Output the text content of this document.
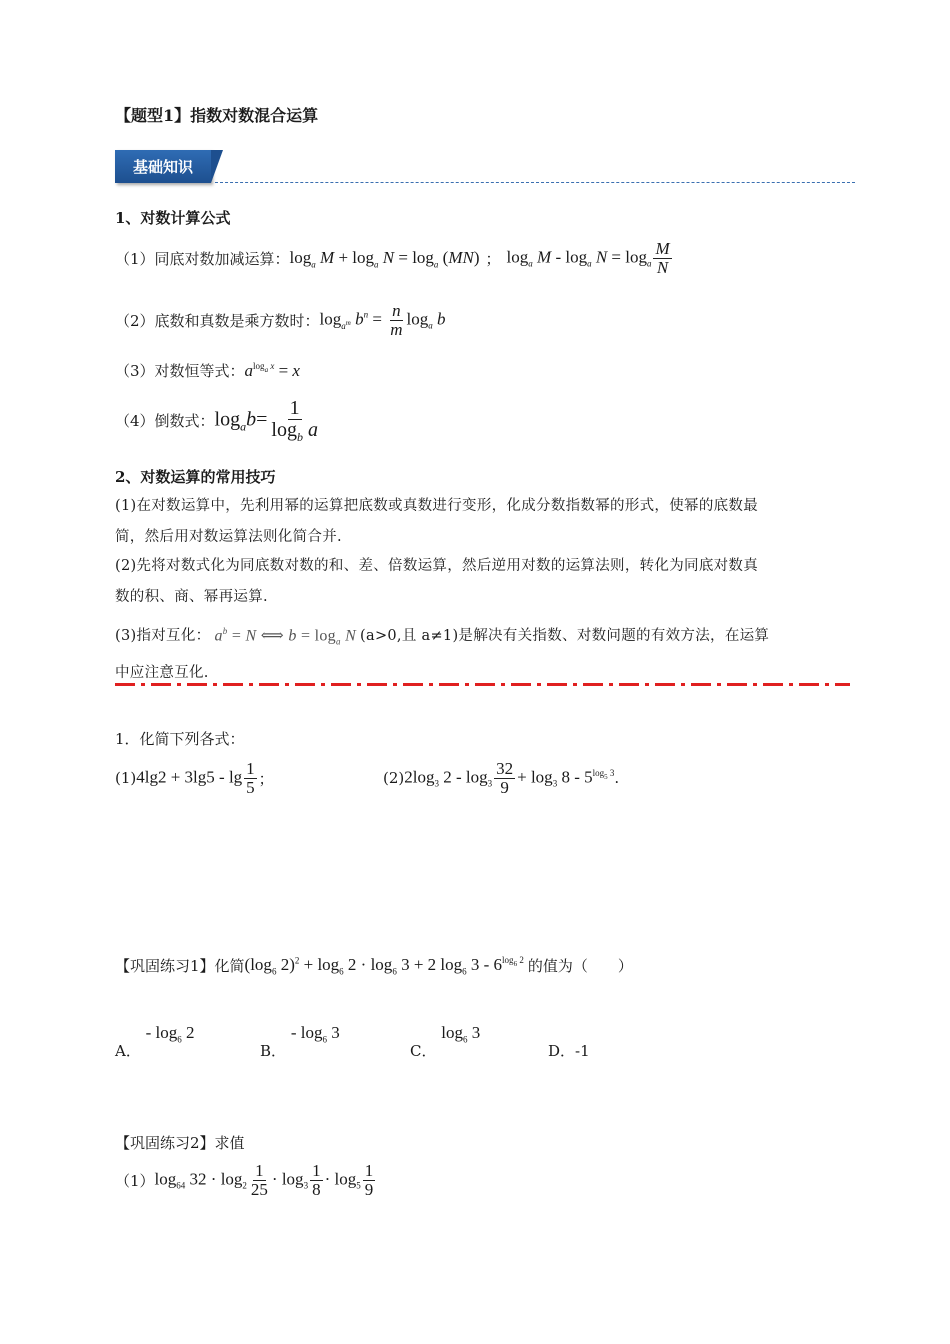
【题型1】指数对数混合运算
基础知识
1、对数计算公式
（1）同底对数加减运算： $\log_a M + \log_a N = \log_a (MN)$ ； $\log_a M - \log_a N = \log_a \frac{M}{N}$
（2）底数和真数是乘方数时： $\log_{a^m} b^n = \frac{n}{m} \log_a b$
（3）对数恒等式： $a^{log_a x} = x$
（4）倒数式： $\log_ab= \frac{1}{\log_b a}$
2、对数运算的常用技巧
(1)在对数运算中，先利用幂的运算把底数或真数进行变形，化成分数指数幂的形式，使幂的底数最
简，然后用对数运算法则化简合并.
(2)先将对数式化为同底数对数的和、差、倍数运算，然后逆用对数的运算法则，转化为同底对数真
数的积、商、幂再运算.
(3)指对互化： $a^b = N$ ⟺ $b = \log_a N$ (a>0,且 a≠1)是解决有关指数、对数问题的有效方法，在运算
中应注意互化.
1．化简下列各式：
(1) $4\lg 2 + 3\lg 5 - \lg \frac{1}{5}$ ；	(2) $2\log_3$ $2 - \log_3 \frac{32}{9} + \log_3 8 - 5^{log_5 3}$ .
【巩固练习1】化简 ($\log_6$ $2)^2 + \log_6 2 \cdot \log_6 3 + 2$ $\log_6 3 - 6^{log_6 2}$ 的值为（　　）
A． - $\log_6 2$
B． - $\log_6 3$
C． $\log_6 3$
D．-1
【巩固练习2】求值
（1） $\log_{64} 32 \cdot \log_2 \frac{1}{25} \cdot \log_3 \frac{1}{8} \cdot \log_5 \frac{1}{9}$
